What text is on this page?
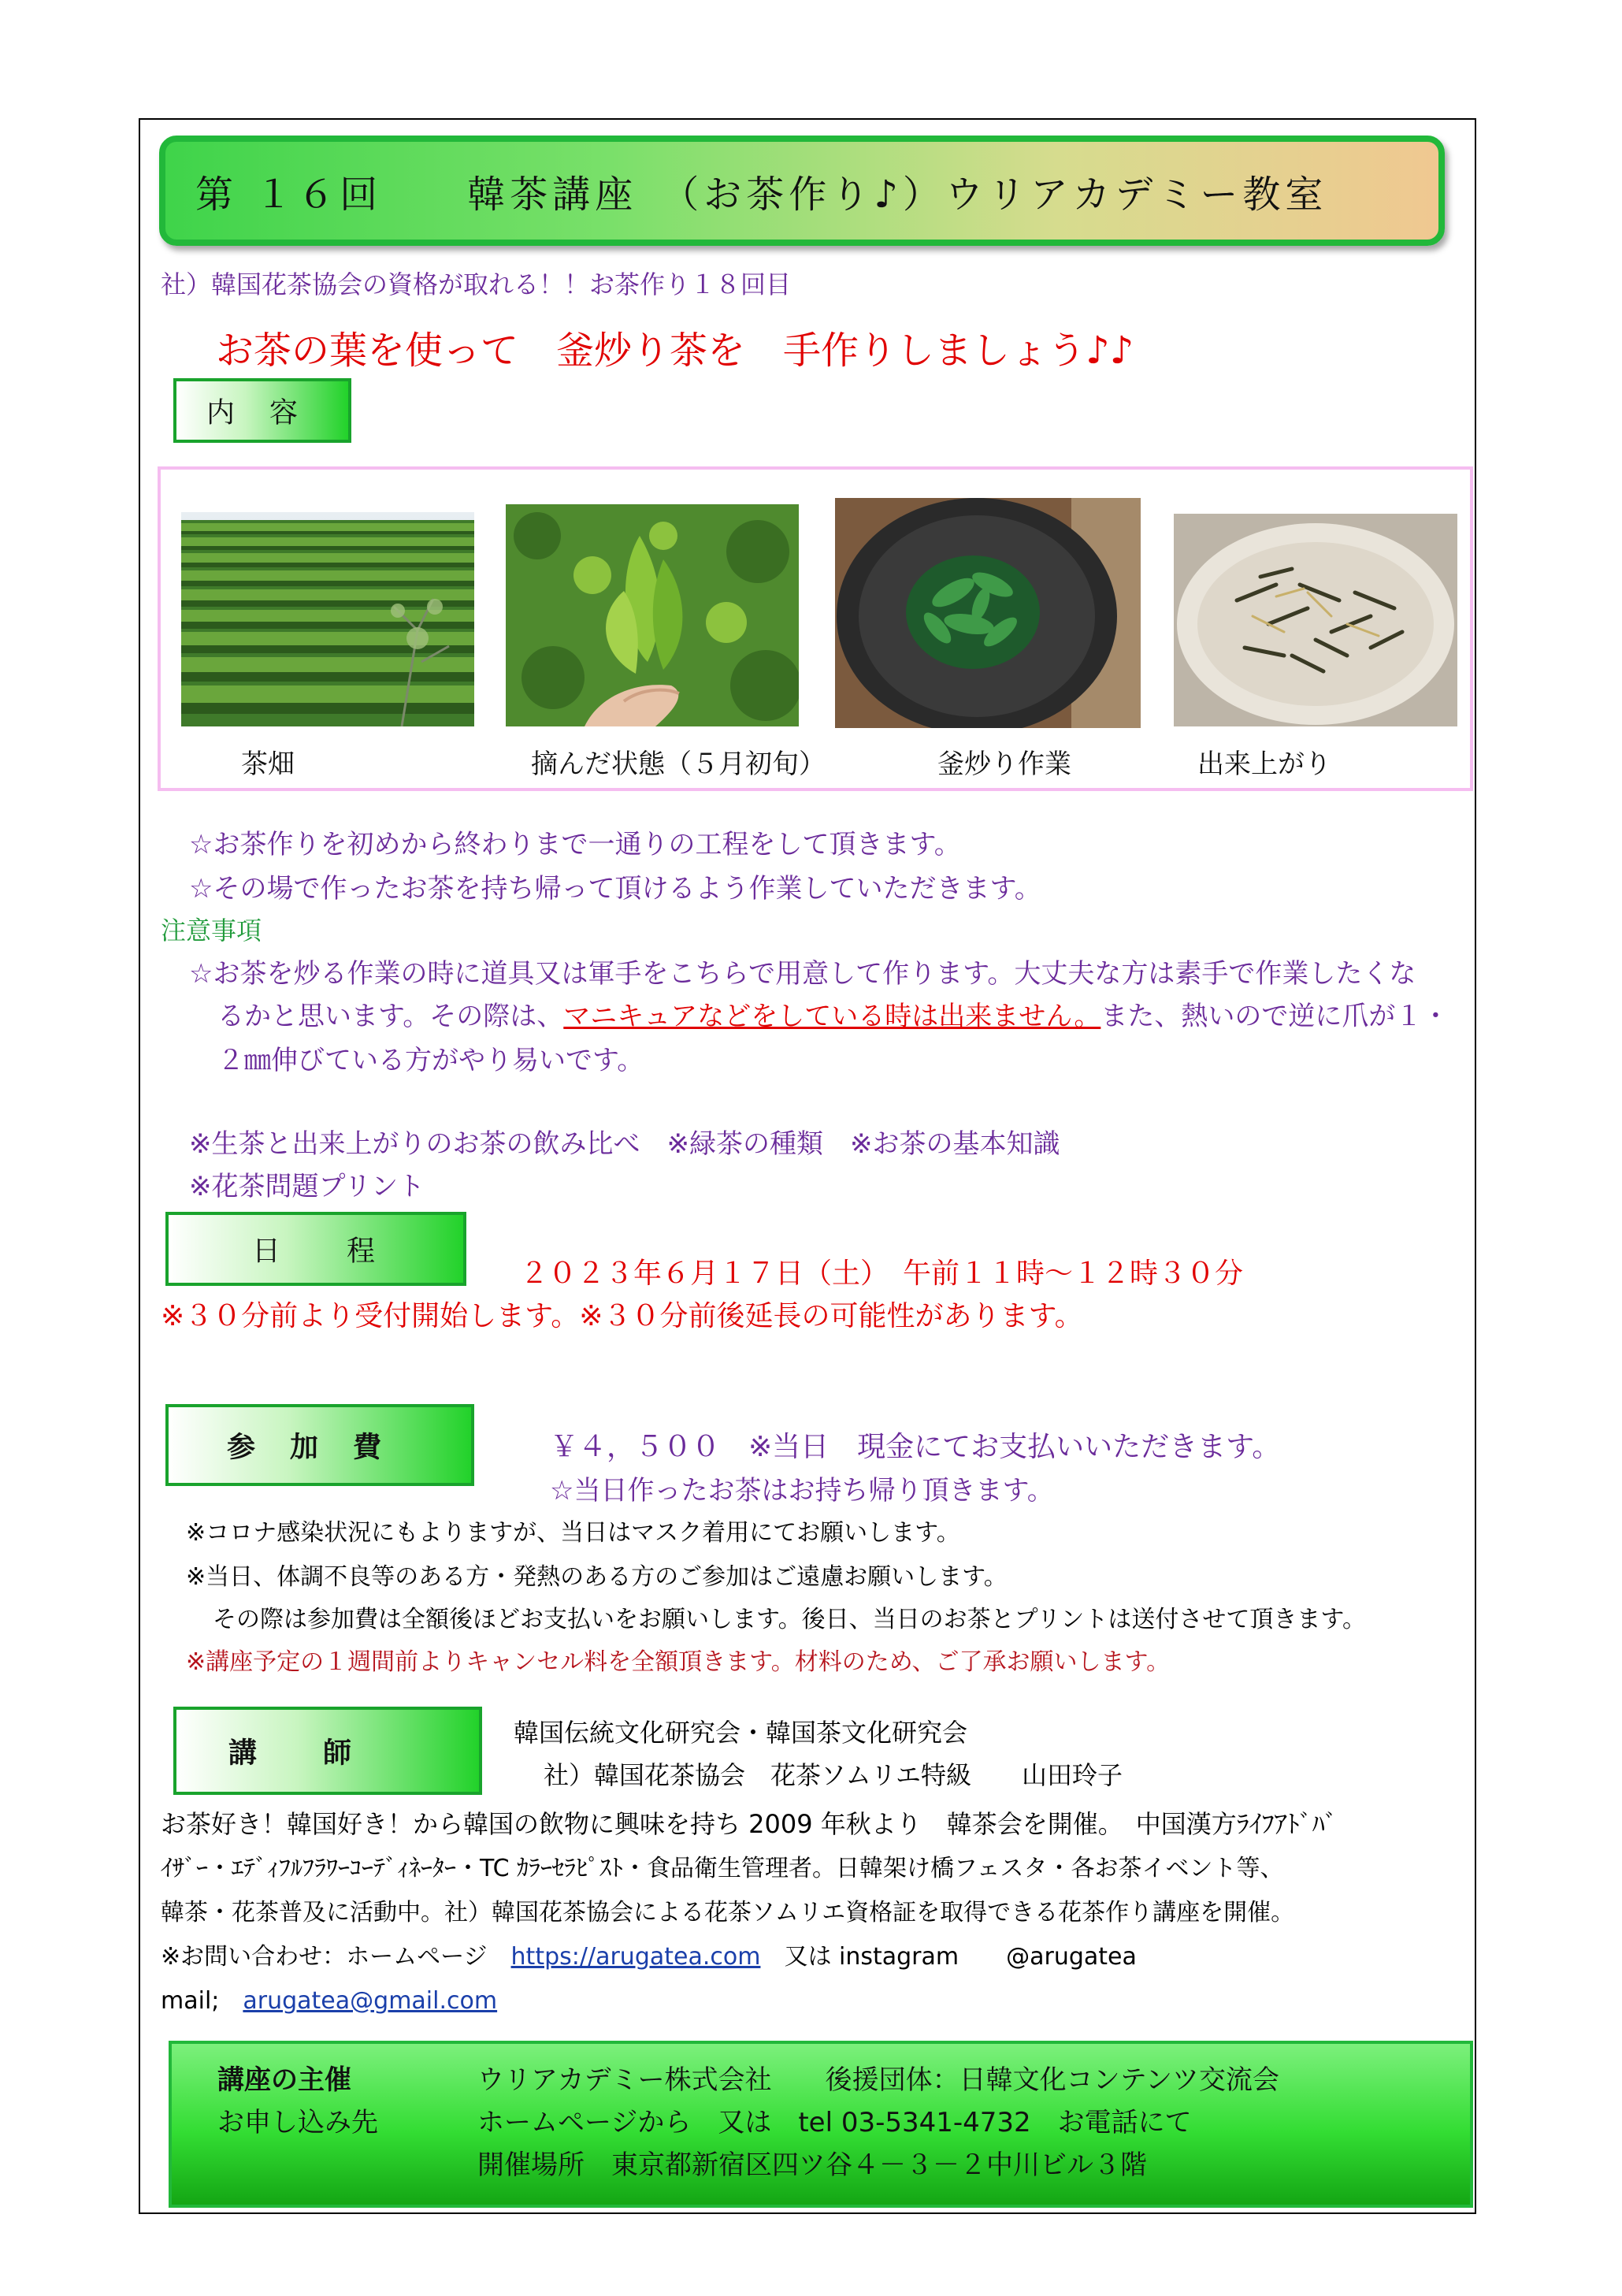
第 １６回　　韓茶講座　（お茶作り♪）ウリアカデミー教室
社）韓国花茶協会の資格が取れる！！お茶作り１８回目
お茶の葉を使って　釜炒り茶を　手作りしましょう♪♪
内　容
茶畑	摘んだ状態（５月初旬）	釜炒り作業	出来上がり
☆お茶作りを初めから終わりまで一通りの工程をして頂きます。
☆その場で作ったお茶を持ち帰って頂けるよう作業していただきます。
注意事項
☆お茶を炒る作業の時に道具又は軍手をこちらで用意して作ります。大丈夫な方は素手で作業したくな
るかと思います。その際は、マニキュアなどをしている時は出来ません。また、熱いので逆に爪が１・
２㎜伸びている方がやり易いです。
※生茶と出来上がりのお茶の飲み比べ　※緑茶の種類　※お茶の基本知識
※花茶問題プリント
日　　程
２０２３年６月１７日（土）　午前１１時～１２時３０分
※３０分前より受付開始します。※３０分前後延長の可能性があります。
参　加　費	￥４，５００　※当日　現金にてお支払いいただきます。
☆当日作ったお茶はお持ち帰り頂きます。
※コロナ感染状況にもよりますが、当日はマスク着用にてお願いします。
※当日、体調不良等のある方・発熱のある方のご参加はご遠慮お願いします。
その際は参加費は全額後ほどお支払いをお願いします。後日、当日のお茶とプリントは送付させて頂きます。
※講座予定の１週間前よりキャンセル料を全額頂きます。材料のため、ご了承お願いします。
講　　師
韓国伝統文化研究会・韓国茶文化研究会
社）韓国花茶協会　花茶ソムリエ特級　　山田玲子
お茶好き！韓国好き！から韓国の飲物に興味を持ち 2009 年秋より　韓茶会を開催。　中国漢方ﾗｲﾌｱﾄﾞﾊﾞ
ｲｻﾞｰ・ｴﾃﾞｨﾌﾙﾌﾗﾜｰｺｰﾃﾞｨﾈｰﾀｰ・TC ｶﾗｰｾﾗﾋﾟｽﾄ・食品衛生管理者。日韓架け橋フェスタ・各お茶イベント等、
韓茶・花茶普及に活動中。社）韓国花茶協会による花茶ソムリエ資格証を取得できる花茶作り講座を開催。
※お問い合わせ：ホームページ　https://arugatea.com　又は instagram　　@arugatea
mail;　arugatea@gmail.com
講座の主催	ウリアカデミー株式会社　　後援団体：日韓文化コンテンツ交流会
お申し込み先	ホームページから　又は　tel 03-5341-4732　お電話にて
開催場所　東京都新宿区四ツ谷４－３－２中川ビル３階
